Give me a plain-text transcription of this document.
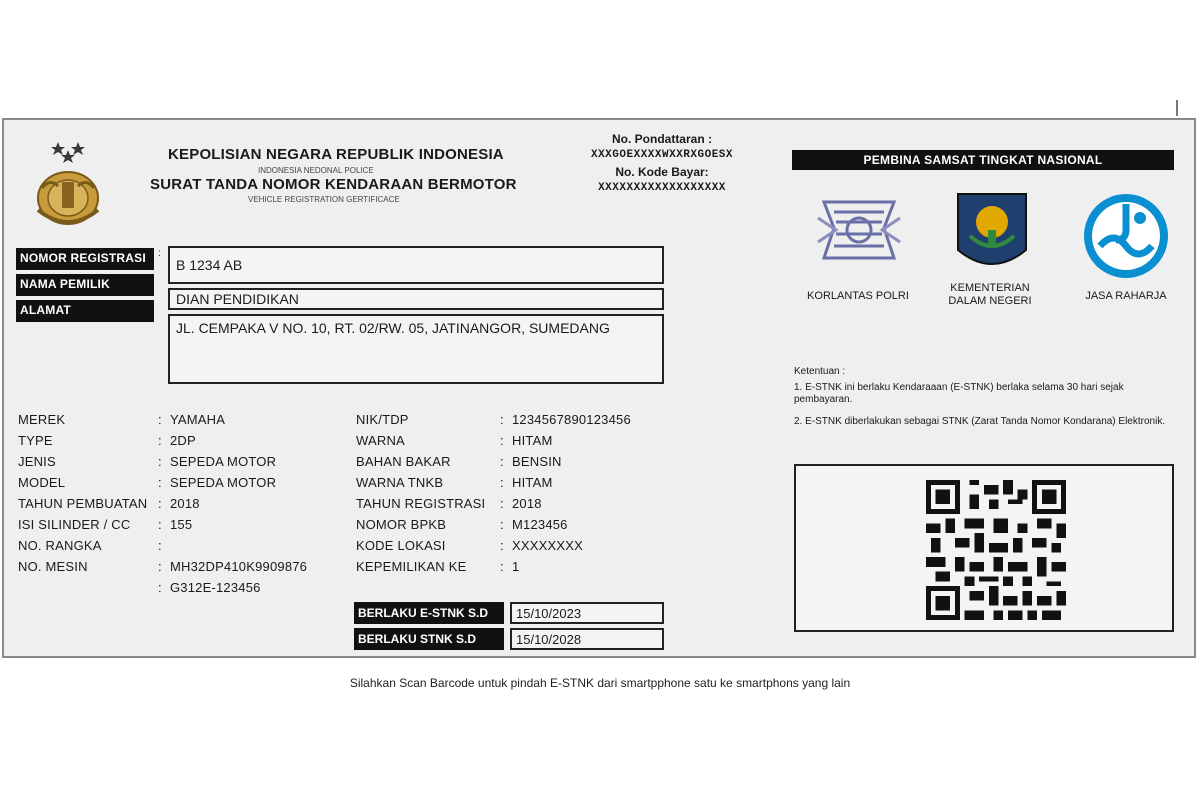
KEPOLISIAN NEGARA REPUBLIK INDONESIA
INDONESIA NEDONAL POLICE
SURAT TANDA NOMOR KENDARAAN BERMOTOR
VEHICLE REGISTRATION GERTIFICACE
No. Pondattaran :
XXXGOEXXXXWXXRXGOESX
No. Kode Bayar:
XXXXXXXXXXXXXXXXXX
NOMOR REGISTRASI	:
B 1234 AB
NAMA PEMILIK
DIAN PENDIDIKAN
ALAMAT
JL. CEMPAKA V NO. 10, RT. 02/RW. 05, JATINANGOR, SUMEDANG
MEREK	: YAMAHA
TYPE	: 2DP
JENIS	: SEPEDA MOTOR
MODEL	: SEPEDA MOTOR
TAHUN PEMBUATAN : 2018
ISI SILINDER / CC : 155
NO. RANGKA	:
NO. MESIN	: MH32DP410K9909876
: G312E-123456
NIK/TDP	: 1234567890123456
WARNA	: HITAM
BAHAN BAKAR	: BENSIN
WARNA TNKB	: HITAM
TAHUN REGISTRASI : 2018
NOMOR BPKB	: M123456
KODE LOKASI	: XXXXXXXX
KEPEMILIKAN KE	: 1
BERLAKU E-STNK S.D	15/10/2023
BERLAKU STNK S.D	15/10/2028
PEMBINA SAMSAT TINGKAT NASIONAL
KORLANTAS POLRI
KEMENTERIAN DALAM NEGERI	JASA RAHARJA
Ketentuan :
1. E-STNK ini berlaku Kendaraaan (E-STNK) berlaka selama 30 hari sejak pembayaran.
2. E-STNK diberlakukan sebagai STNK (Zarat Tanda Nomor Kondarana) Elektronik.
Silahkan Scan Barcode untuk pindah E-STNK dari smartpphone satu ke smartphons yang lain
